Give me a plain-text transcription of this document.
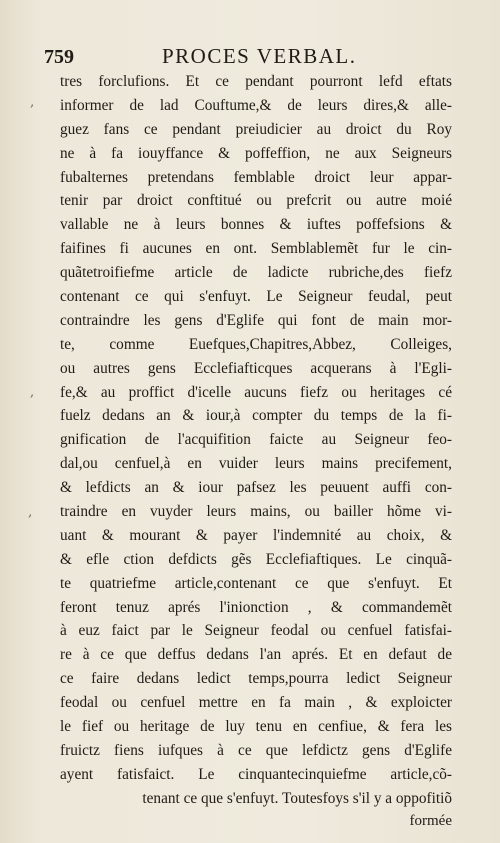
759	PROCES VERBAL.
tres forclufions. Et ce pendant pourront lefd eftats
informer de lad Couftume,& de leurs dires,& alle-
guez fans ce pendant preiudicier au droict du Roy
ne à fa iouyffance & poffeffion, ne aux Seigneurs
fubalternes pretendans femblable droict leur appar-
tenir par droict conftitué ou prefcrit ou autre moié
vallable ne à leurs bonnes & iuftes poffefsions &
faifines fi aucunes en ont. Semblablemẽt fur le cin-
quãtetroifiefme article de ladicte rubriche,des fiefz
contenant ce qui s'enfuyt. Le Seigneur feudal, peut
contraindre les gens d'Eglife qui font de main mor-
te, comme Euefques,Chapitres,Abbez, Colleiges,
ou autres gens Ecclefiafticques acquerans à l'Egli-
fe,& au proffict d'icelle aucuns fiefz ou heritages cé
fuelz dedans an & iour,à compter du temps de la fi-
gnification de l'acquifition faicte au Seigneur feo-
dal,ou cenfuel,à en vuider leurs mains precifement,
& lefdicts an & iour pafsez les peuuent auffi con-
traindre en vuyder leurs mains, ou bailler hõme vi-
uant & mourant & payer l'indemnité au choix, &
& efle ction defdicts gẽs Ecclefiaftiques. Le cinquã-
te quatriefme article,contenant ce que s'enfuyt. Et
feront tenuz aprés l'inionction , & commandemẽt
à euz faict par le Seigneur feodal ou cenfuel fatisfai-
re à ce que deffus dedans l'an aprés. Et en defaut de
ce faire dedans ledict temps,pourra ledict Seigneur
feodal ou cenfuel mettre en fa main , & exploicter
le fief ou heritage de luy tenu en cenfiue, & fera les
fruictz fiens iufques à ce que lefdictz gens d'Eglife
ayent fatisfaict. Le cinquantecinquiefme article,cõ-
tenant ce que s'enfuyt. Toutesfoys s'il y a oppofitiõ
‚
,
‚
formée
